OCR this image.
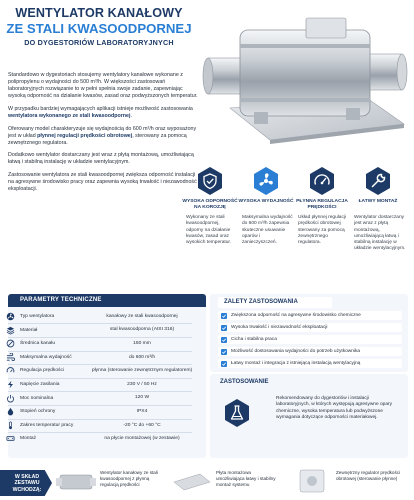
WENTYLATOR KANAŁOWY
ZE STALI KWASOODPORNEJ
DO DYGESTORIÓW LABORATORYJNYCH

Standardowo w dygestoriach stosujemy wentylatory kanałowe wykonane z polipropylenu o wydajności do 500 m³/h. W większości zastosowań laboratoryjnych rozwiązanie to w pełni spełnia swoje zadanie, zapewniając wysoką odporność na działanie kwasów, zasad oraz podwyższonych temperatur.

W przypadku bardziej wymagających aplikacji istnieje możliwość zastosowania wentylatora wykonanego ze stali kwasoodpornej.

Oferowany model charakteryzuje się wydajnością do 600 m³/h oraz wyposażony jest w układ płynnej regulacji prędkości obrotowej, sterowany za pomocą zewnętrznego regulatora.

Dodatkowo wentylator dostarczany jest wraz z płytą montażową, umożliwiającą łatwą i stabilną instalację w układzie wentylacyjnym.

Zastosowanie wentylatora ze stali kwasoodpornej zwiększa odporność instalacji na agresywne środowisko pracy oraz zapewnia wysoką trwałość i niezawodność eksploatacji.

WYSOKA ODPORNOŚĆ NA KOROZJĘ
Wykonany ze stali kwasoodpornej, odporny na działanie kwasów, zasad oraz wysokich temperatur.
WYSOKA WYDAJNOŚĆ
Maksymalna wydajność do 600 m³/h zapewnia skuteczne usuwanie oparów i zanieczyszczeń.
PŁYNNA REGULACJA PRĘDKOŚCI
Układ płynnej regulacji prędkości obrotowej sterowany za pomocą zewnętrznego regulatora.
ŁATWY MONTAŻ
Wentylator dostarczany jest wraz z płytą montażową, umożliwiającą łatwą i stabilną instalację w układzie wentylacyjnym.
PARAMETRY TECHNICZNE
Typ wentylatora	kanałowy ze stali kwasoodpornej
Materiał	stal kwasoodporna (AISI 316)
Średnica kanału	150 mm
Maksymalna wydajność	do 600 m³/h
Regulacja prędkości	płynna (sterowanie zewnętrznym regulatorem)
Napięcie zasilania	230 V / 50 Hz
Moc nominalna	120 W
Stopień ochrony	IPX4
Zakres temperatur pracy	-20 °C do +60 °C
Montaż	na płycie montażowej (w zestawie)
ZALETY ZASTOSOWANIA
Zwiększona odporność na agresywne środowisko chemiczne
Wysoka trwałość i niezawodność eksploatacji
Cicha i stabilna praca
Możliwość dostosowania wydajności do potrzeb użytkownika
Łatwy montaż i integracja z istniejącą instalacją wentylacyjną
ZASTOSOWANIE
Rekomendowany do dygestoriów i instalacji laboratoryjnych, w których występują agresywne opary chemiczne, wysoka temperatura lub podwyższone wymagania dotyczące odporności materiałowej.
W SKŁAD ZESTAWU WCHODZĄ:
Wentylator kanałowy ze stali kwasoodpornej z płynną regulacją prędkości
Płyta montażowa umożliwiająca łatwy i stabilny montaż systemu
Zewnętrzny regulator prędkości obrotowej (sterowanie płynne)
